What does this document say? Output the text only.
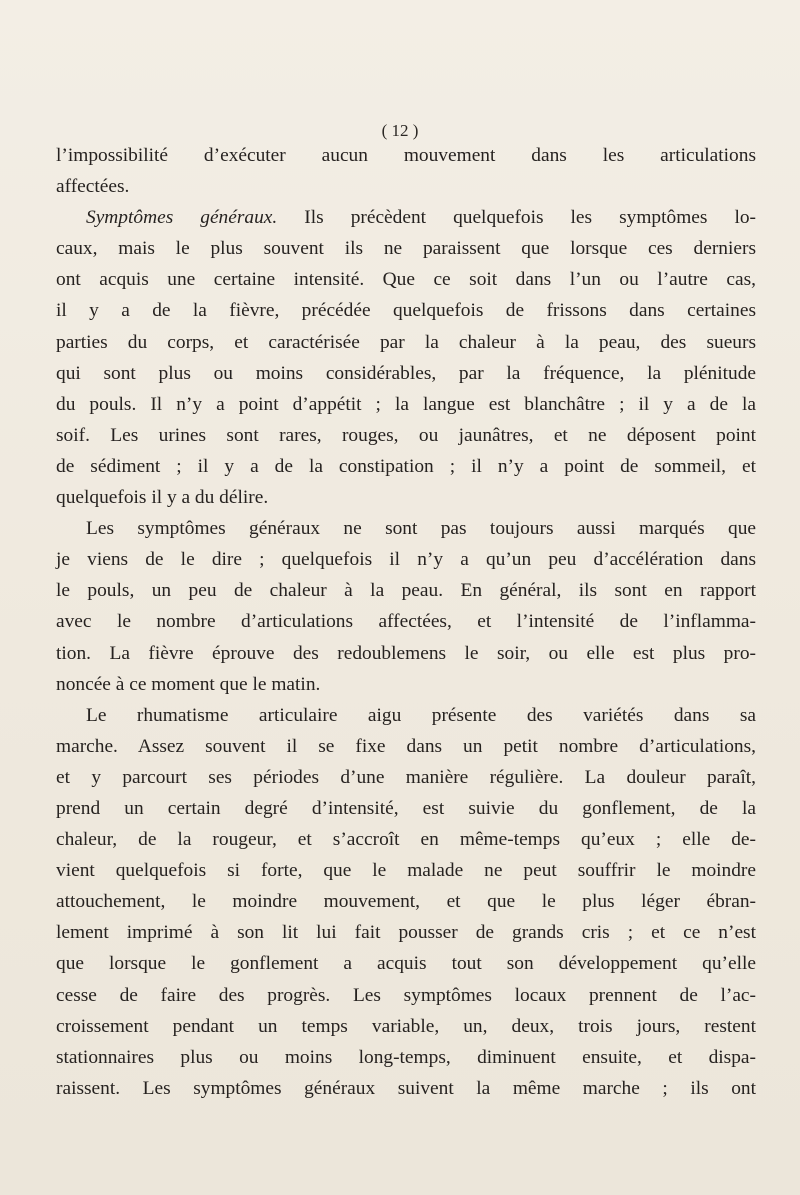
( 12 )

l’impossibilité d’exécuter aucun mouvement dans les articulations
affectées.

Symptômes généraux. Ils précèdent quelquefois les symptômes lo-
caux, mais le plus souvent ils ne paraissent que lorsque ces derniers
ont acquis une certaine intensité. Que ce soit dans l’un ou l’autre cas,
il y a de la fièvre, précédée quelquefois de frissons dans certaines
parties du corps, et caractérisée par la chaleur à la peau, des sueurs
qui sont plus ou moins considérables, par la fréquence, la plénitude
du pouls. Il n’y a point d’appétit ; la langue est blanchâtre ; il y a de la
soif. Les urines sont rares, rouges, ou jaunâtres, et ne déposent point
de sédiment ; il y a de la constipation ; il n’y a point de sommeil, et
quelquefois il y a du délire.

Les symptômes généraux ne sont pas toujours aussi marqués que
je viens de le dire ; quelquefois il n’y a qu’un peu d’accélération dans
le pouls, un peu de chaleur à la peau. En général, ils sont en rapport
avec le nombre d’articulations affectées, et l’intensité de l’inflamma-
tion. La fièvre éprouve des redoublemens le soir, ou elle est plus pro-
noncée à ce moment que le matin.

Le rhumatisme articulaire aigu présente des variétés dans sa
marche. Assez souvent il se fixe dans un petit nombre d’articulations,
et y parcourt ses périodes d’une manière régulière. La douleur paraît,
prend un certain degré d’intensité, est suivie du gonflement, de la
chaleur, de la rougeur, et s’accroît en même-temps qu’eux ; elle de-
vient quelquefois si forte, que le malade ne peut souffrir le moindre
attouchement, le moindre mouvement, et que le plus léger ébran-
lement imprimé à son lit lui fait pousser de grands cris ; et ce n’est
que lorsque le gonflement a acquis tout son développement qu’elle
cesse de faire des progrès. Les symptômes locaux prennent de l’ac-
croissement pendant un temps variable, un, deux, trois jours, restent
stationnaires plus ou moins long-temps, diminuent ensuite, et dispa-
raissent. Les symptômes généraux suivent la même marche ; ils ont
